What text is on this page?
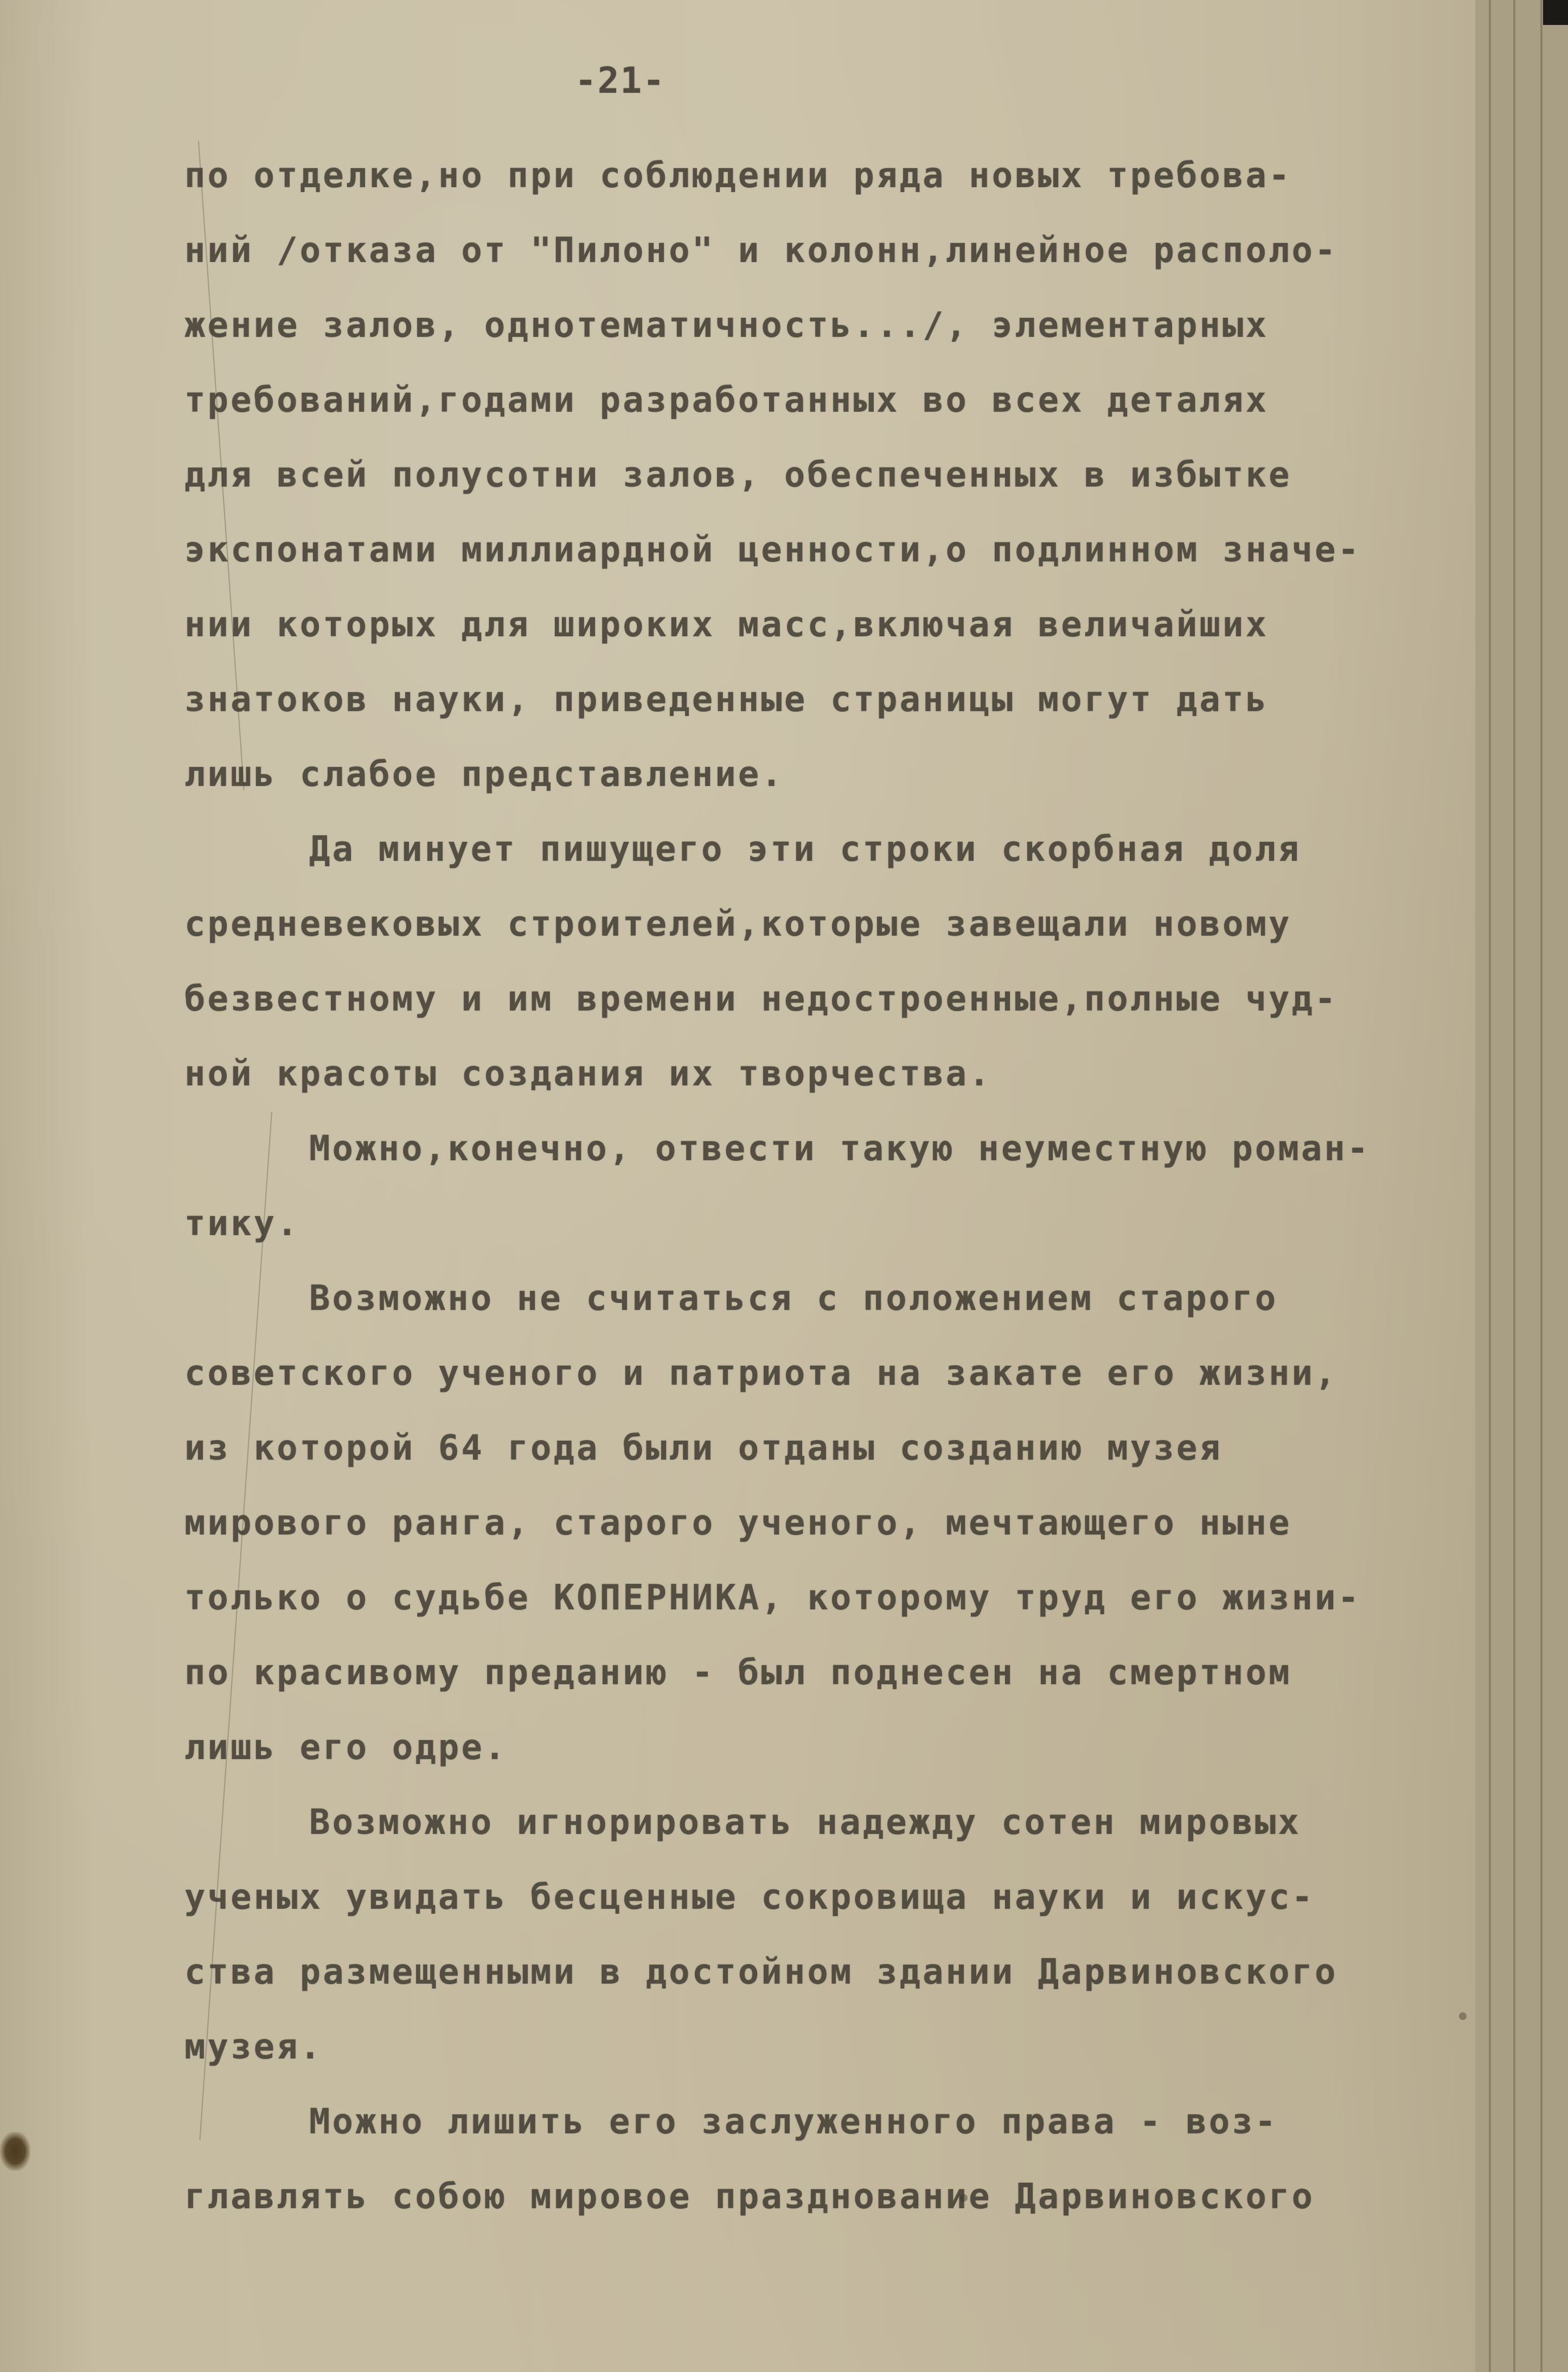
-21-
по отделке,но при соблюдении ряда новых требова-
ний /отказа от "Пилоно" и колонн,линейное располо-
жение залов, однотематичность.../, элементарных
требований,годами разработанных во всех деталях
для всей полусотни залов, обеспеченных в избытке
экспонатами миллиардной ценности,о подлинном значе-
нии которых для широких масс,включая величайших
знатоков науки, приведенные страницы могут дать
лишь слабое представление.
Да минует пишущего эти строки скорбная доля
средневековых строителей,которые завещали новому
безвестному и им времени недостроенные,полные чуд-
ной красоты создания их творчества.
Можно,конечно, отвести такую неуместную роман-
тику.
Возможно не считаться с положением старого
советского ученого и патриота на закате его жизни,
из которой 64 года были отданы созданию музея
мирового ранга, старого ученого, мечтающего ныне
только о судьбе КОПЕРНИКА, которому труд его жизни-
по красивому преданию - был поднесен на смертном
лишь его одре.
Возможно игнорировать надежду сотен мировых
ученых увидать бесценные сокровища науки и искус-
ства размещенными в достойном здании Дарвиновского
музея.
Можно лишить его заслуженного права - воз-
главлять собою мировое празднование Дарвиновского
